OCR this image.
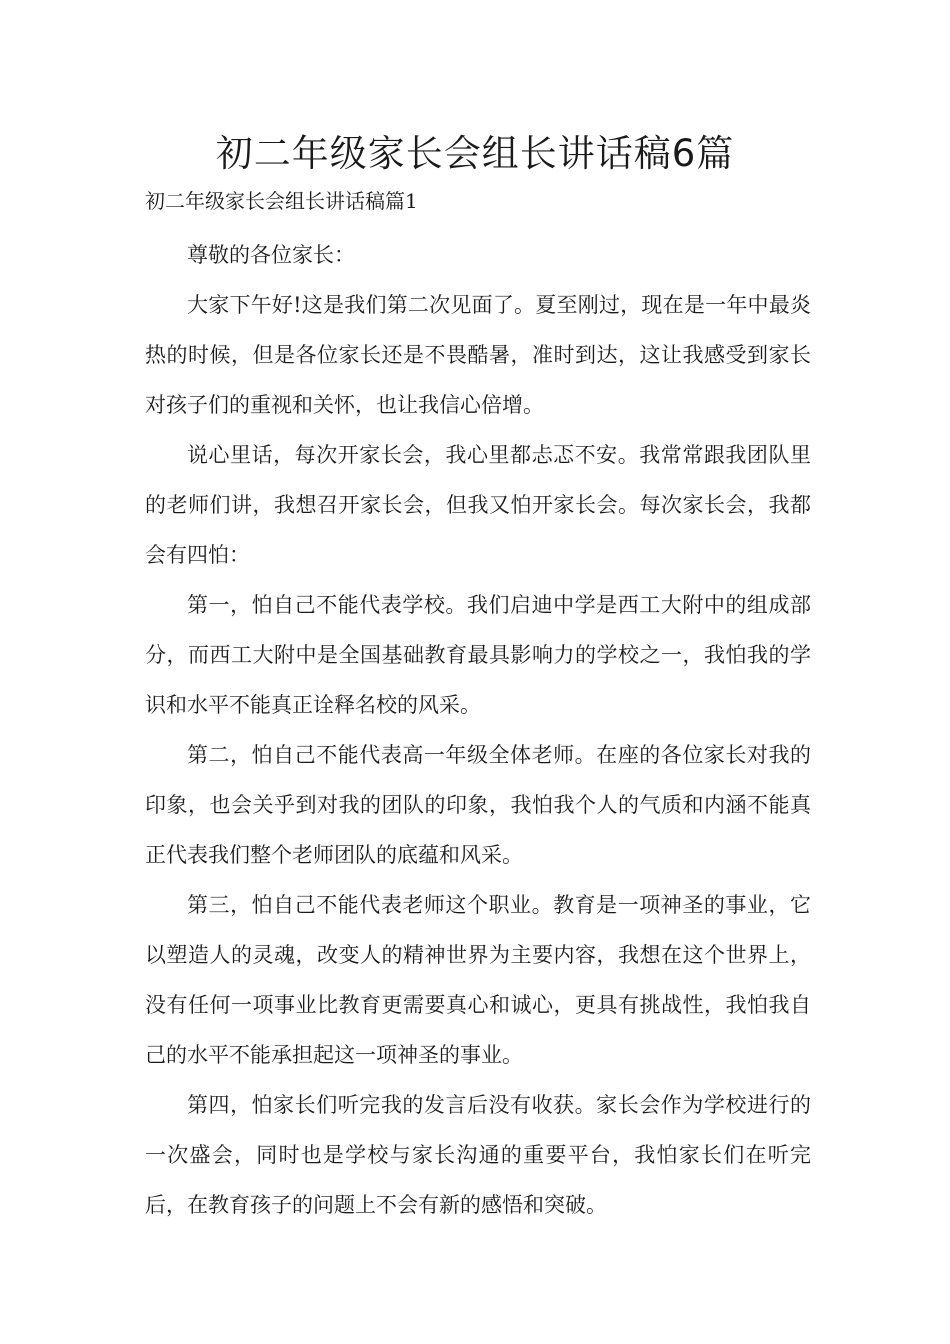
初二年级家长会组长讲话稿6篇

初二年级家长会组长讲话稿篇1

尊敬的各位家长：

大家下午好!这是我们第二次见面了。夏至刚过，现在是一年中最炎热的时候，但是各位家长还是不畏酷暑，准时到达，这让我感受到家长对孩子们的重视和关怀，也让我信心倍增。

说心里话，每次开家长会，我心里都忐忑不安。我常常跟我团队里的老师们讲，我想召开家长会，但我又怕开家长会。每次家长会，我都会有四怕：

第一，怕自己不能代表学校。我们启迪中学是西工大附中的组成部分，而西工大附中是全国基础教育最具影响力的学校之一，我怕我的学识和水平不能真正诠释名校的风采。

第二，怕自己不能代表高一年级全体老师。在座的各位家长对我的印象，也会关乎到对我的团队的印象，我怕我个人的气质和内涵不能真正代表我们整个老师团队的底蕴和风采。

第三，怕自己不能代表老师这个职业。教育是一项神圣的事业，它以塑造人的灵魂，改变人的精神世界为主要内容，我想在这个世界上，没有任何一项事业比教育更需要真心和诚心，更具有挑战性，我怕我自己的水平不能承担起这一项神圣的事业。

第四，怕家长们听完我的发言后没有收获。家长会作为学校进行的一次盛会，同时也是学校与家长沟通的重要平台，我怕家长们在听完后，在教育孩子的问题上不会有新的感悟和突破。
